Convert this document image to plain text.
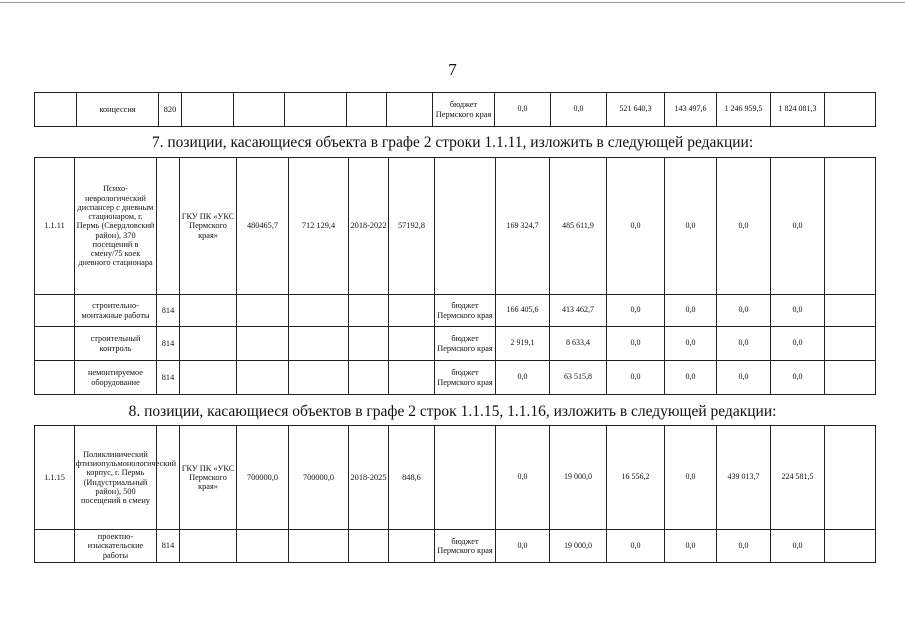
7
	концессия	820						бюджет Пермского края	0,0	0,0	521 640,3	143 497,6	1 246 959,5	1 824 081,3	
7. позиции, касающиеся объекта в графе 2 строки 1.1.11, изложить в следующей редакции:
1.1.11	Психо-неврологический диспансер с дневным стационаром, г. Пермь (Свердловский район), 370 посещений в смену/75 коек дневного стационара		ГКУ ПК «УКС Пермского края»	480465,7	712 129,4	2018-2022	57192,8		169 324,7	485 611,9	0,0	0,0	0,0	0,0	
	строительно-монтажные работы	814						бюджет Пермского края	166 405,6	413 462,7	0,0	0,0	0,0	0,0	
	строительный контроль	814						бюджет Пермского края	2 919,1	8 633,4	0,0	0,0	0,0	0,0	
	немонтируемое оборудование	814						бюджет Пермского края	0,0	63 515,8	0,0	0,0	0,0	0,0	
8. позиции, касающиеся объектов в графе 2 строк 1.1.15, 1.1.16, изложить в следующей редакции:
1.1.15	Поликлинический фтизиопульмонологический корпус, г. Пермь (Индустриальный район), 500 посещений в смену		ГКУ ПК «УКС Пермского края»	700000,0	700000,0	2018-2025	848,6		0,0	19 000,0	16 556,2	0,0	439 013,7	224 581,5	
	проектно-изыскательские работы	814						бюджет Пермского края	0,0	19 000,0	0,0	0,0	0,0	0,0	
